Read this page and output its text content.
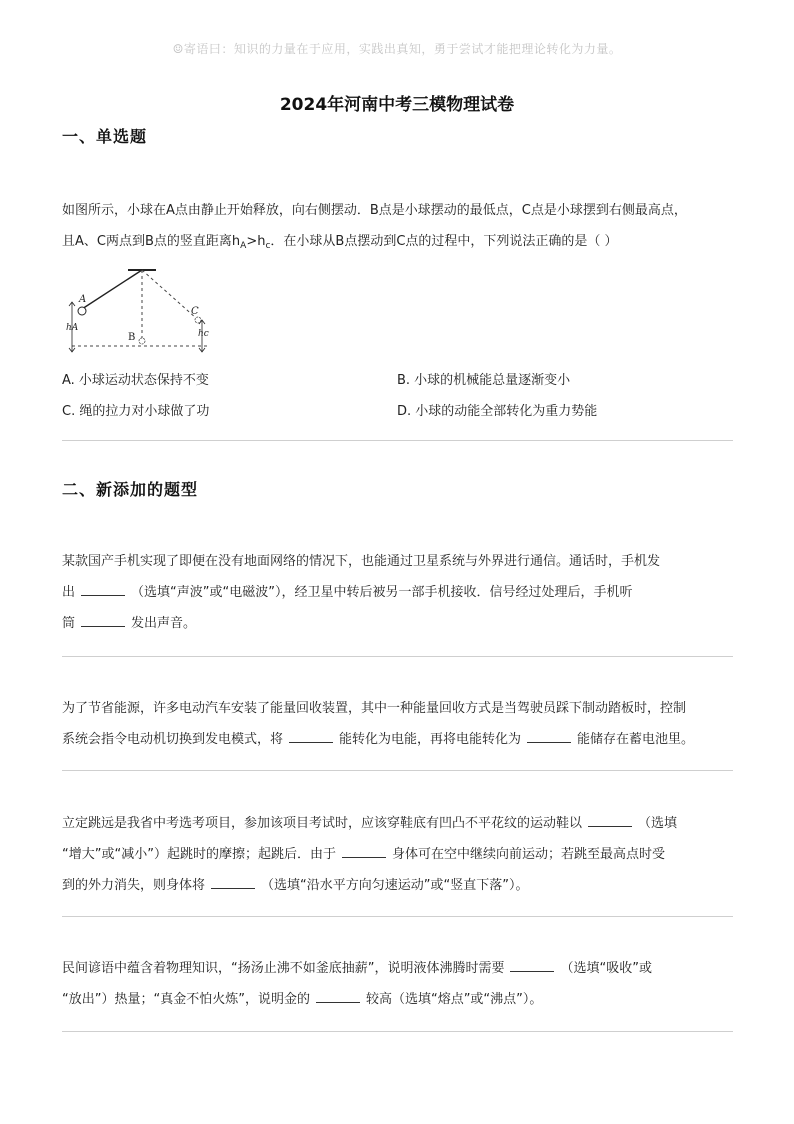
☺寄语曰：知识的力量在于应用，实践出真知，勇于尝试才能把理论转化为力量。
2024年河南中考三模物理试卷
一、单选题
如图所示，小球在A点由静止开始释放，向右侧摆动．B点是小球摆动的最低点，C点是小球摆到右侧最高点，
且A、C两点到B点的竖直距离$h_A>h_c$．在小球从B点摆动到C点的过程中，下列说法正确的是（ ）
A
B
C
hA
hc
A. 小球运动状态保持不变	B. 小球的机械能总量逐渐变小
C. 绳的拉力对小球做了功	D. 小球的动能全部转化为重力势能
二、新添加的题型
某款国产手机实现了即便在没有地面网络的情况下，也能通过卫星系统与外界进行通信。通话时，手机发
出	（选填“声波”或“电磁波”），经卫星中转后被另一部手机接收．信号经过处理后，手机听
筒	发出声音。
为了节省能源，许多电动汽车安装了能量回收装置，其中一种能量回收方式是当驾驶员踩下制动踏板时，控制
系统会指令电动机切换到发电模式，将	能转化为电能，再将电能转化为	能储存在蓄电池里。
立定跳远是我省中考选考项目，参加该项目考试时，应该穿鞋底有凹凸不平花纹的运动鞋以	（选填
“增大”或“减小”）起跳时的摩擦；起跳后．由于	身体可在空中继续向前运动；若跳至最高点时受
到的外力消失，则身体将	（选填“沿水平方向匀速运动”或“竖直下落”）。
民间谚语中蕴含着物理知识，“扬汤止沸不如釜底抽薪”，说明液体沸腾时需要	（选填“吸收”或
“放出”）热量；“真金不怕火炼”，说明金的	较高（选填“熔点”或“沸点”）。
